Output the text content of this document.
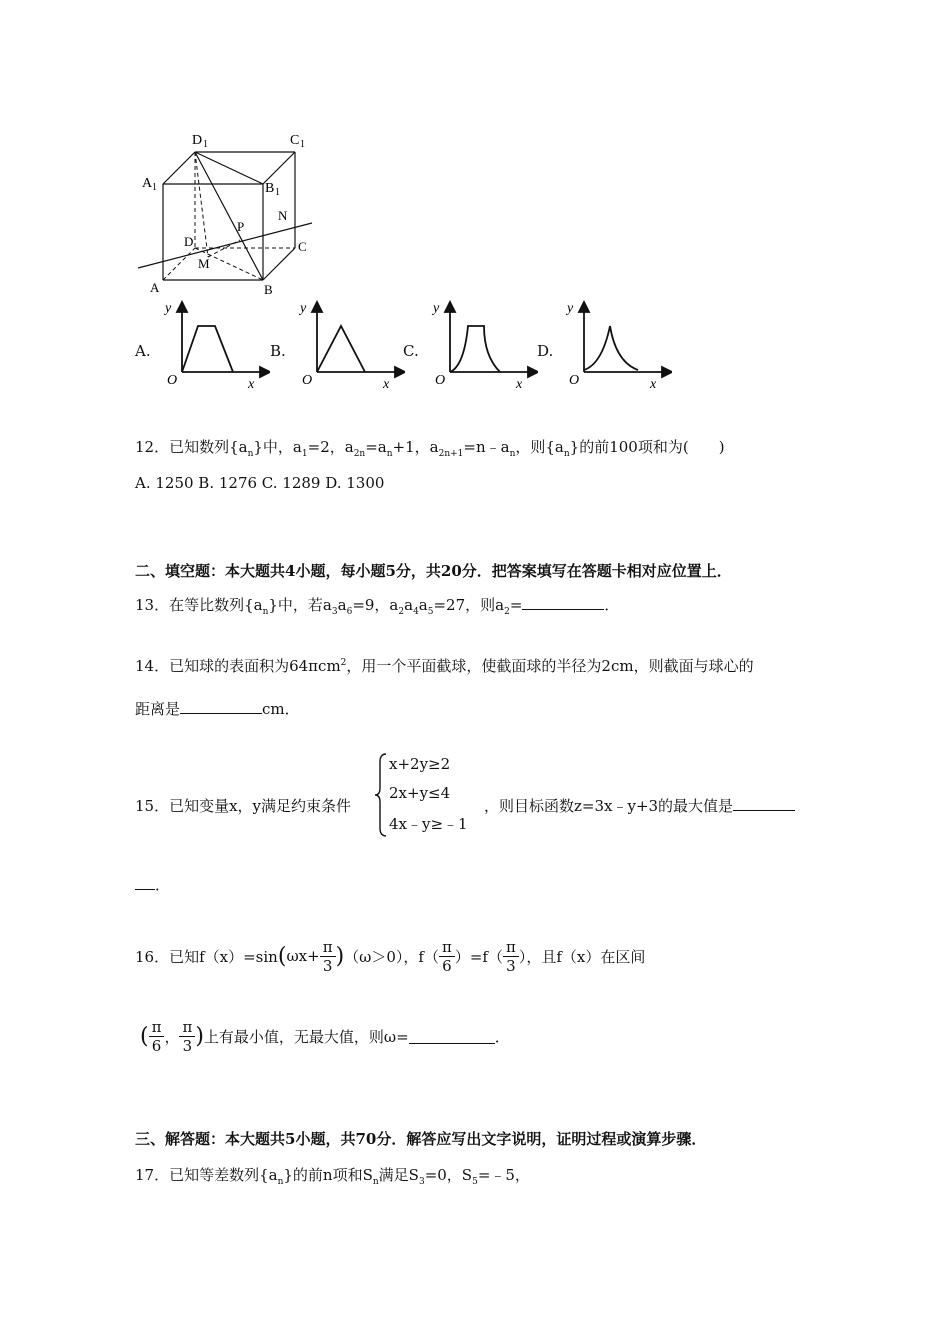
D 1	C 1
A 1	B 1
N
P
D	C
M
A	B
A.
y
x
O
B.
y
x
O
C.
y
x
O
D.
y
x
O
12．已知数列$\{a_n\}$中，$a_1=2$，$a_{2n}=a_n+1$，$a_{2n+1}=n﹣a_n$，则$\{a_n\}$的前100项和为(　　)
A. 1250 B. 1276 C. 1289 D. 1300
二、填空题：本大题共4小题，每小题5分，共20分．把答案填写在答题卡相对应位置上．
13．在等比数列$\{a_n\}$中，若$a_3a_6=9$，$a_2a_4a_5=27$，则$a_2=$	．
14．已知球的表面积为64πcm$^2$，用一个平面截球，使截面球的半径为2cm，则截面与球心的
距离是	cm．
15．已知变量x，y满足约束条件
x+2y≥2
2x+y≤4
4x﹣y≥﹣1
，则目标函数z=3x﹣y+3的最大值是
．
16． 已知f（x）=sin ( $\omega x+ \frac{\pi}{3}$ ) （ω＞0），$f( \frac{\pi}{6} )=f( \frac{\pi}{3}$ ），且f（x）在区间
( $\frac{\pi}{6}$ ， $\frac{\pi}{3}$ ) 上有最小值，无最大值，则ω=	．
三、解答题：本大题共5小题，共70分．解答应写出文字说明，证明过程或演算步骤．
17．已知等差数列$\{a_n\}$的前n项和$S_n$满足$S_3=0$，$S_5=﹣5$，
